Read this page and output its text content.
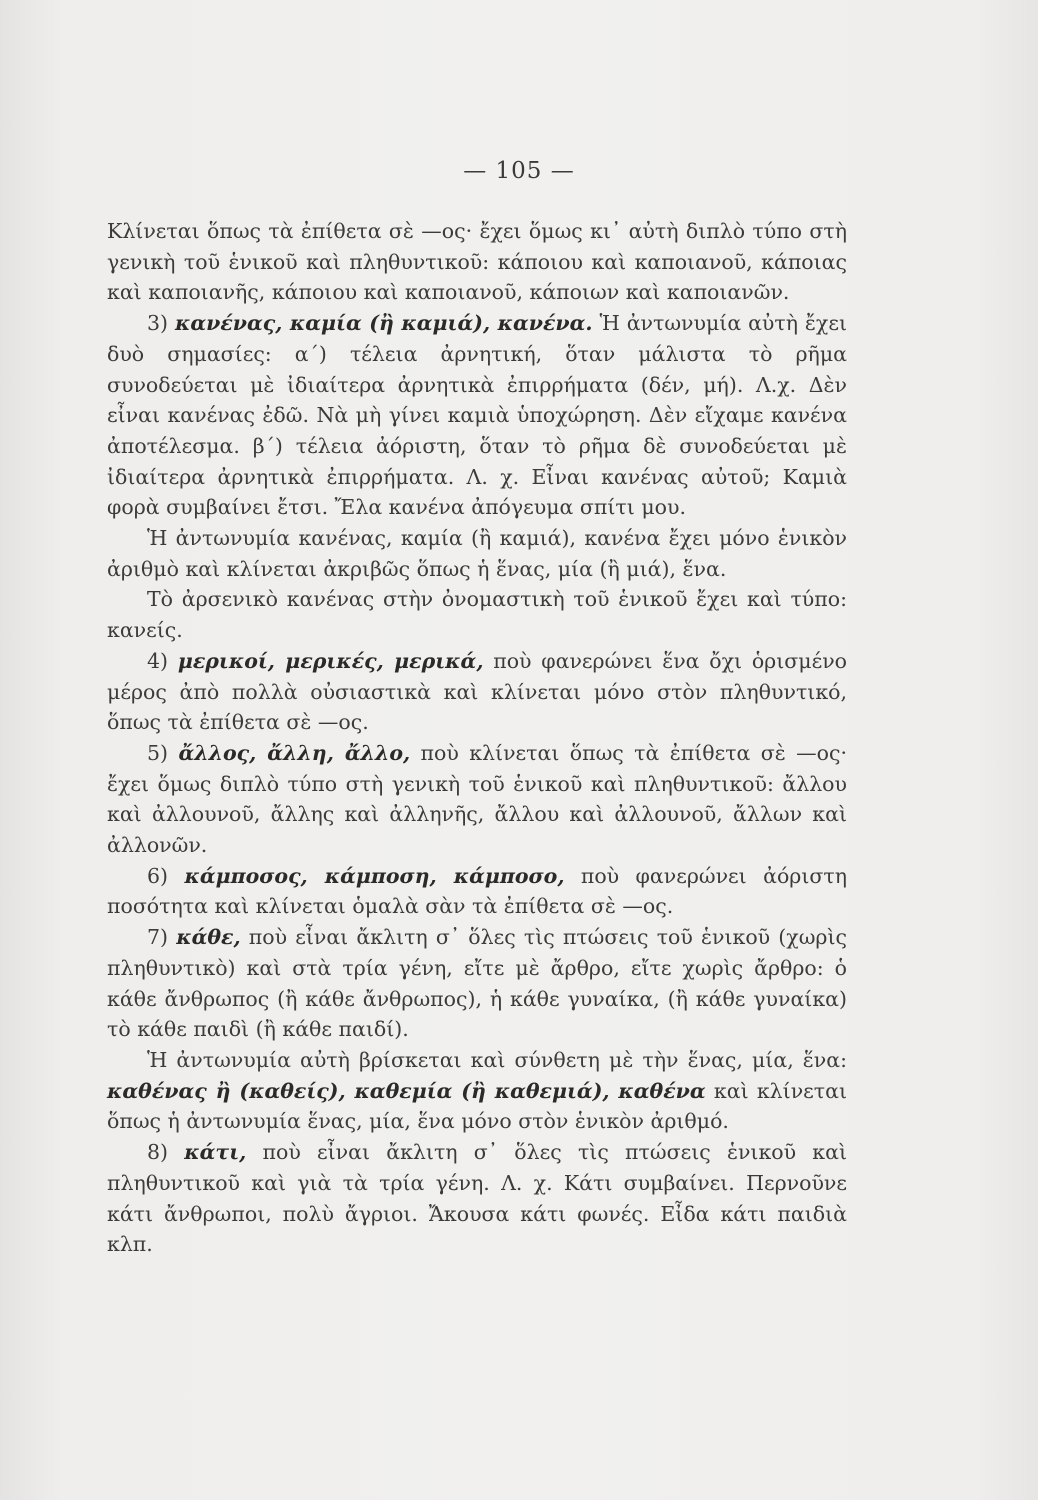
— 105 —

Κλίνεται ὅπως τὰ ἐπίθετα σὲ —ος· ἔχει ὅμως κι᾿ αὐτὴ διπλὸ τύπο στὴ γενικὴ τοῦ ἑνικοῦ καὶ πληθυντικοῦ: κάποιου καὶ καποιανοῦ, κάποιας καὶ καποιανῆς, κάποιου καὶ καποιανοῦ, κάποιων καὶ καποιανῶν.

3) κανένας, καμία (ἢ καμιά), κανένα. Ἡ ἀντωνυμία αὐτὴ ἔχει δυὸ σημασίες: α΄) τέλεια ἀρνητική, ὅταν μάλιστα τὸ ρῆμα συνοδεύεται μὲ ἰδιαίτερα ἀρνητικὰ ἐπιρρήματα (δέν, μή). Λ.χ. Δὲν εἶναι κανένας ἐδῶ. Νὰ μὴ γίνει καμιὰ ὑποχώρηση. Δὲν εἴχαμε κανένα ἀποτέλεσμα. β΄) τέλεια ἀόριστη, ὅταν τὸ ρῆμα δὲ συνοδεύεται μὲ ἰδιαίτερα ἀρνητικὰ ἐπιρρήματα. Λ. χ. Εἶναι κανένας αὐτοῦ; Καμιὰ φορὰ συμβαίνει ἔτσι. Ἔλα κανένα ἀπόγευμα σπίτι μου.

Ἡ ἀντωνυμία κανένας, καμία (ἢ καμιά), κανένα ἔχει μόνο ἑνικὸν ἀριθμὸ καὶ κλίνεται ἀκριβῶς ὅπως ἡ ἕνας, μία (ἢ μιά), ἕνα.

Τὸ ἀρσενικὸ κανένας στὴν ὀνομαστικὴ τοῦ ἑνικοῦ ἔχει καὶ τύπο: κανείς.

4) μερικοί, μερικές, μερικά, ποὺ φανερώνει ἕνα ὄχι ὁρισμένο μέρος ἀπὸ πολλὰ οὐσιαστικὰ καὶ κλίνεται μόνο στὸν πληθυντικό, ὅπως τὰ ἐπίθετα σὲ —ος.

5) ἄλλος, ἄλλη, ἄλλο, ποὺ κλίνεται ὅπως τὰ ἐπίθετα σὲ —ος· ἔχει ὅμως διπλὸ τύπο στὴ γενικὴ τοῦ ἑνικοῦ καὶ πληθυντικοῦ: ἄλλου καὶ ἀλλουνοῦ, ἄλλης καὶ ἀλληνῆς, ἄλλου καὶ ἀλλουνοῦ, ἄλλων καὶ ἀλλονῶν.

6) κάμποσος, κάμποση, κάμποσο, ποὺ φανερώνει ἀόριστη ποσότητα καὶ κλίνεται ὁμαλὰ σὰν τὰ ἐπίθετα σὲ —ος.

7) κάθε, ποὺ εἶναι ἄκλιτη σ᾿ ὅλες τὶς πτώσεις τοῦ ἑνικοῦ (χωρὶς πληθυντικὸ) καὶ στὰ τρία γένη, εἴτε μὲ ἄρθρο, εἴτε χωρὶς ἄρθρο: ὁ κάθε ἄνθρωπος (ἢ κάθε ἄνθρωπος), ἡ κάθε γυναίκα, (ἢ κάθε γυναίκα) τὸ κάθε παιδὶ (ἢ κάθε παιδί).

Ἡ ἀντωνυμία αὐτὴ βρίσκεται καὶ σύνθετη μὲ τὴν ἕνας, μία, ἕνα: καθένας ἢ (καθείς), καθεμία (ἢ καθεμιά), καθένα καὶ κλίνεται ὅπως ἡ ἀντωνυμία ἕνας, μία, ἕνα μόνο στὸν ἑνικὸν ἀριθμό.

8) κάτι, ποὺ εἶναι ἄκλιτη σ᾿ ὅλες τὶς πτώσεις ἑνικοῦ καὶ πληθυντικοῦ καὶ γιὰ τὰ τρία γένη. Λ. χ. Κάτι συμβαίνει. Περνοῦνε κάτι ἄνθρωποι, πολὺ ἄγριοι. Ἄκουσα κάτι φωνές. Εἶδα κάτι παιδιὰ κλπ.
